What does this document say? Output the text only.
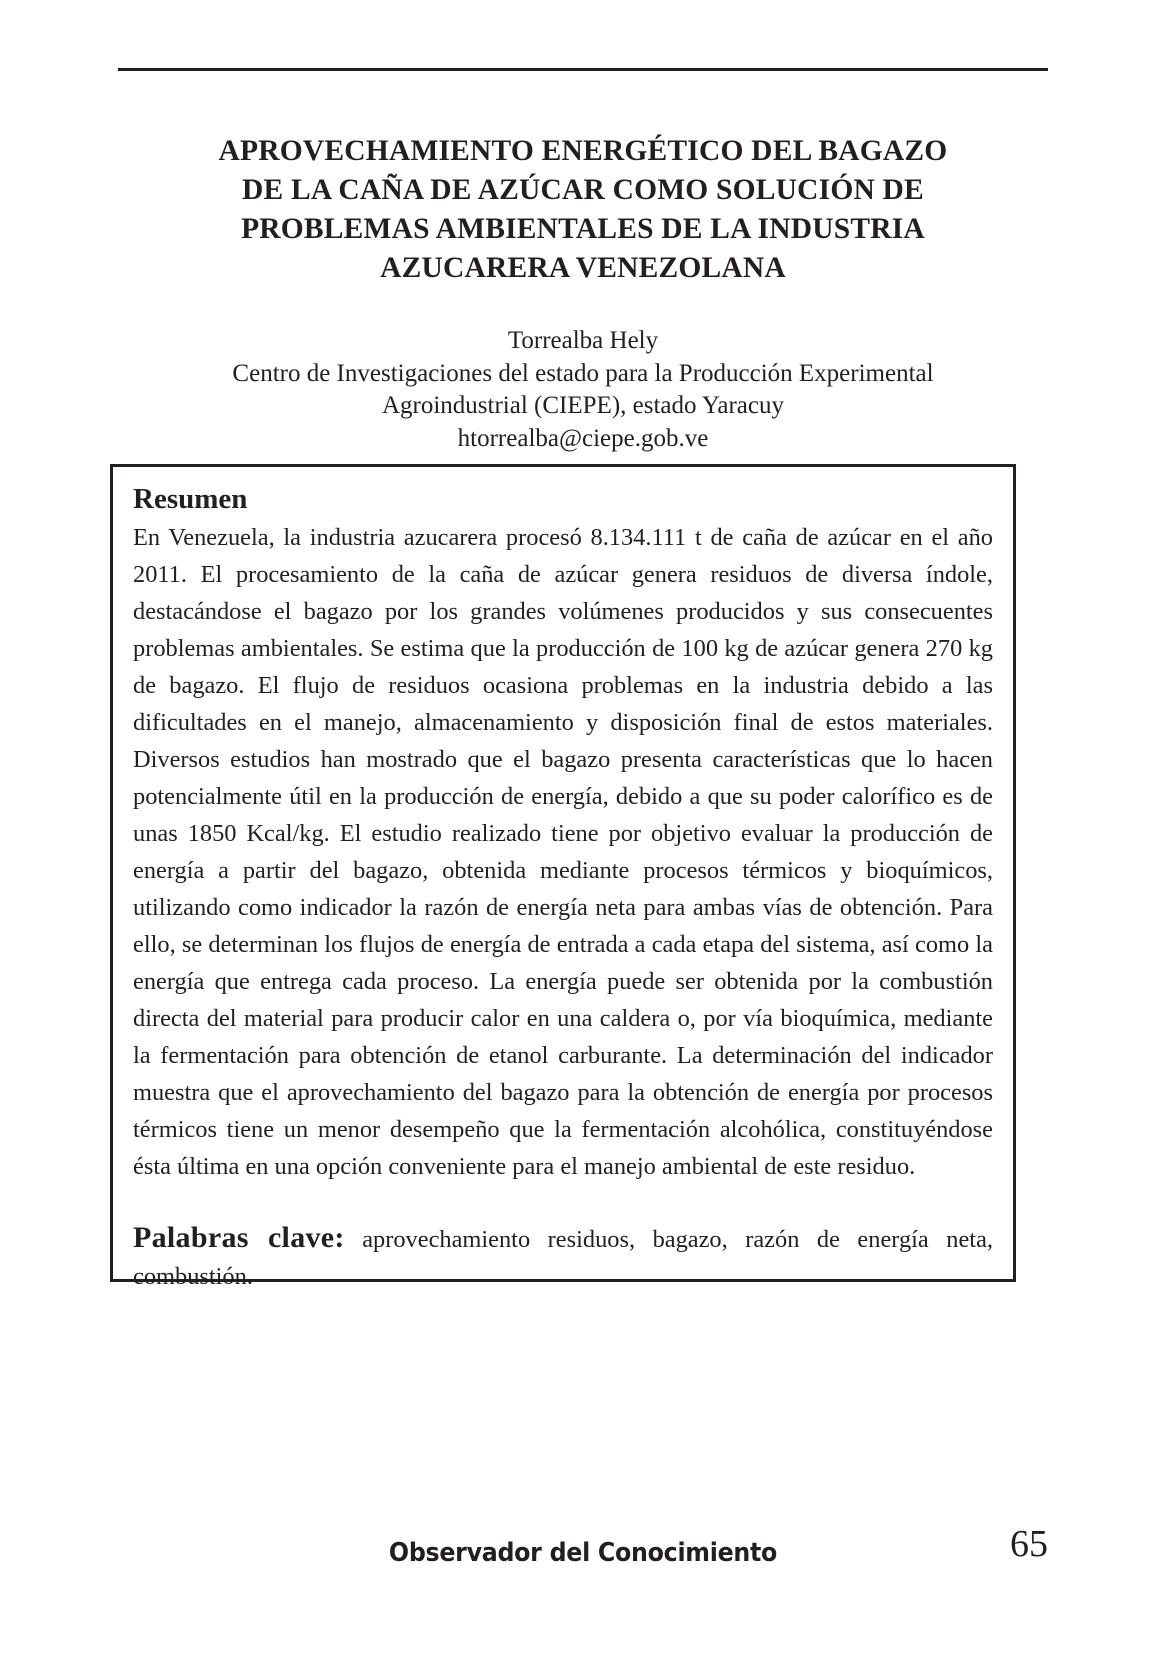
APROVECHAMIENTO ENERGÉTICO DEL BAGAZO
DE LA CAÑA DE AZÚCAR COMO SOLUCIÓN DE
PROBLEMAS AMBIENTALES DE LA INDUSTRIA
AZUCARERA VENEZOLANA
Torrealba Hely
Centro de Investigaciones del estado para la Producción Experimental
Agroindustrial (CIEPE), estado Yaracuy
htorrealba@ciepe.gob.ve
Resumen

En Venezuela, la industria azucarera procesó 8.134.111 t de caña de azúcar en el año 2011. El procesamiento de la caña de azúcar genera residuos de diversa índole, destacándose el bagazo por los grandes volúmenes producidos y sus consecuentes problemas ambientales. Se estima que la producción de 100 kg de azúcar genera 270 kg de bagazo. El flujo de residuos ocasiona problemas en la industria debido a las dificultades en el manejo, almacenamiento y disposición final de estos materiales. Diversos estudios han mostrado que el bagazo presenta características que lo hacen potencialmente útil en la producción de energía, debido a que su poder calorífico es de unas 1850 Kcal/kg. El estudio realizado tiene por objetivo evaluar la producción de energía a partir del bagazo, obtenida mediante procesos térmicos y bioquímicos, utilizando como indicador la razón de energía neta para ambas vías de obtención. Para ello, se determinan los flujos de energía de entrada a cada etapa del sistema, así como la energía que entrega cada proceso. La energía puede ser obtenida por la combustión directa del material para producir calor en una caldera o, por vía bioquímica, mediante la fermentación para obtención de etanol carburante. La determinación del indicador muestra que el aprovechamiento del bagazo para la obtención de energía por procesos térmicos tiene un menor desempeño que la fermentación alcohólica, constituyéndose ésta última en una opción conveniente para el manejo ambiental de este residuo.

Palabras clave: aprovechamiento residuos, bagazo, razón de energía neta, combustión.
Observador del Conocimiento	65
